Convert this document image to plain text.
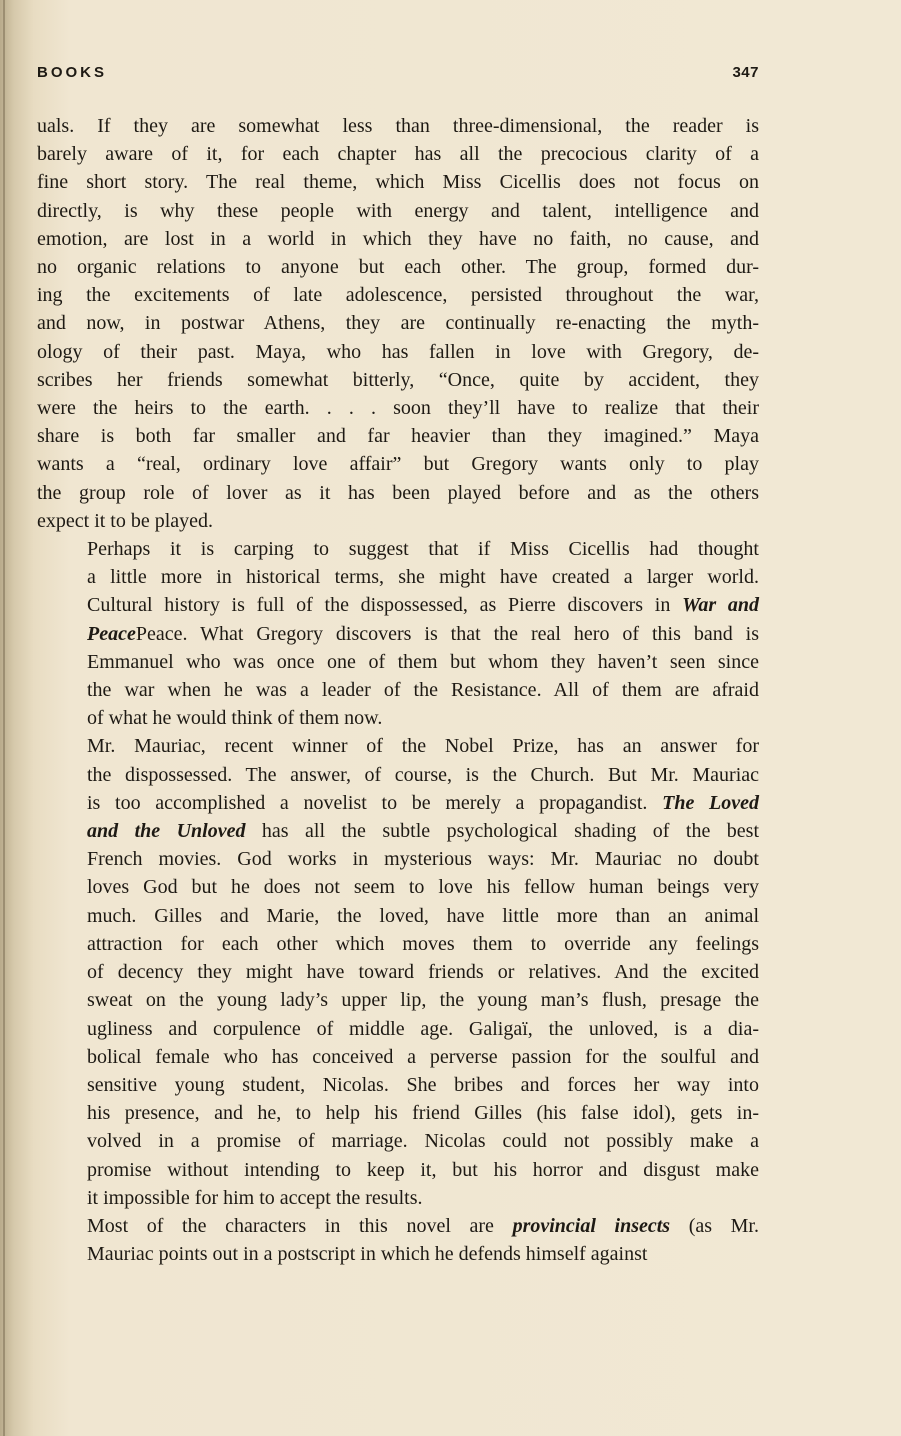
BOOKS	347

uals. If they are somewhat less than three-dimensional, the reader is
barely aware of it, for each chapter has all the precocious clarity of a
fine short story. The real theme, which Miss Cicellis does not focus on
directly, is why these people with energy and talent, intelligence and
emotion, are lost in a world in which they have no faith, no cause, and
no organic relations to anyone but each other. The group, formed dur-
ing the excitements of late adolescence, persisted throughout the war,
and now, in postwar Athens, they are continually re-enacting the myth-
ology of their past. Maya, who has fallen in love with Gregory, de-
scribes her friends somewhat bitterly, “Once, quite by accident, they
were the heirs to the earth. . . . soon they’ll have to realize that their
share is both far smaller and far heavier than they imagined.” Maya
wants a “real, ordinary love affair” but Gregory wants only to play
the group role of lover as it has been played before and as the others
expect it to be played.

Perhaps it is carping to suggest that if Miss Cicellis had thought
a little more in historical terms, she might have created a larger world.
Cultural history is full of the dispossessed, as Pierre discovers in War and
PeacePeace. What Gregory discovers is that the real hero of this band is
Emmanuel who was once one of them but whom they haven’t seen since
the war when he was a leader of the Resistance. All of them are afraid
of what he would think of them now.

Mr. Mauriac, recent winner of the Nobel Prize, has an answer for
the dispossessed. The answer, of course, is the Church. But Mr. Mauriac
is too accomplished a novelist to be merely a propagandist. The Loved
and the Unloved has all the subtle psychological shading of the best
French movies. God works in mysterious ways: Mr. Mauriac no doubt
loves God but he does not seem to love his fellow human beings very
much. Gilles and Marie, the loved, have little more than an animal
attraction for each other which moves them to override any feelings
of decency they might have toward friends or relatives. And the excited
sweat on the young lady’s upper lip, the young man’s flush, presage the
ugliness and corpulence of middle age. Galigaï, the unloved, is a dia-
bolical female who has conceived a perverse passion for the soulful and
sensitive young student, Nicolas. She bribes and forces her way into
his presence, and he, to help his friend Gilles (his false idol), gets in-
volved in a promise of marriage. Nicolas could not possibly make a
promise without intending to keep it, but his horror and disgust make
it impossible for him to accept the results.

Most of the characters in this novel are provincial insects (as Mr.
Mauriac points out in a postscript in which he defends himself against
